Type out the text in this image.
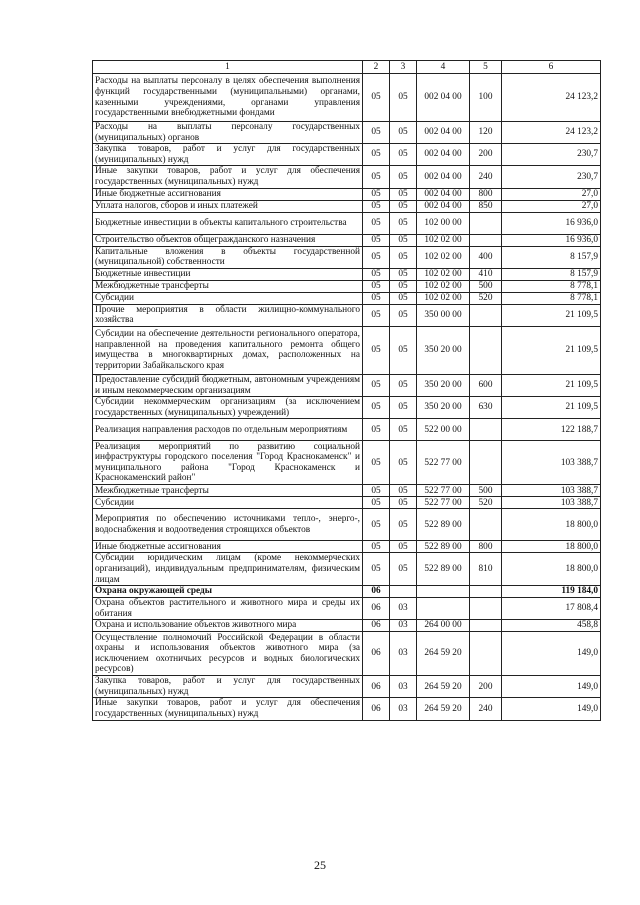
1	2	3	4	5	6
Расходы на выплаты персоналу в целях обеспечения выполнения функций государственными (муниципальными) органами, казенными учреждениями, органами управления государственными внебюджетными фондами	05	05	002 04 00	100	24 123,2
Расходы на выплаты персоналу государственных (муниципальных) органов	05	05	002 04 00	120	24 123,2
Закупка товаров, работ и услуг для государственных (муниципальных) нужд	05	05	002 04 00	200	230,7
Иные закупки товаров, работ и услуг для обеспечения государственных (муниципальных) нужд	05	05	002 04 00	240	230,7
Иные бюджетные ассигнования	05	05	002 04 00	800	27,0
Уплата налогов, сборов и иных платежей	05	05	002 04 00	850	27,0
Бюджетные инвестиции в объекты капитального строительства	05	05	102 00 00		16 936,0
Строительство объектов общегражданского назначения	05	05	102 02 00		16 936,0
Капитальные вложения в объекты государственной (муниципальной) собственности	05	05	102 02 00	400	8 157,9
Бюджетные инвестиции	05	05	102 02 00	410	8 157,9
Межбюджетные трансферты	05	05	102 02 00	500	8 778,1
Субсидии	05	05	102 02 00	520	8 778,1
Прочие мероприятия в области жилищно-коммунального хозяйства	05	05	350 00 00		21 109,5
Субсидии на обеспечение деятельности регионального оператора, направленной на проведения капитального ремонта общего имущества в многоквартирных домах, расположенных на территории Забайкальского края	05	05	350 20 00		21 109,5
Предоставление субсидий бюджетным, автономным учреждениям и иным некоммерческим организациям	05	05	350 20 00	600	21 109,5
Субсидии некоммерческим организациям (за исключением государственных (муниципальных) учреждений)	05	05	350 20 00	630	21 109,5
Реализация направления расходов по отдельным мероприятиям	05	05	522 00 00		122 188,7
Реализация мероприятий по развитию социальной инфраструктуры городского поселения "Город Краснокаменск" и муниципального района "Город Краснокаменск и Краснокаменский район"	05	05	522 77 00		103 388,7
Межбюджетные трансферты	05	05	522 77 00	500	103 388,7
Субсидии	05	05	522 77 00	520	103 388,7
Мероприятия по обеспечению источниками тепло-, энерго-, водоснабжения и водоотведения строящихся объектов	05	05	522 89 00		18 800,0
Иные бюджетные ассигнования	05	05	522 89 00	800	18 800,0
Субсидии юридическим лицам (кроме некоммерческих организаций), индивидуальным предпринимателям, физическим лицам	05	05	522 89 00	810	18 800,0
Охрана окружающей среды	06				119 184,0
Охрана объектов растительного и животного мира и среды их обитания	06	03			17 808,4
Охрана и использование объектов животного мира	06	03	264 00 00		458,8
Осуществление полномочий Российской Федерации в области охраны и использования объектов животного мира (за исключением охотничьих ресурсов и водных биологических ресурсов)	06	03	264 59 20		149,0
Закупка товаров, работ и услуг для государственных (муниципальных) нужд	06	03	264 59 20	200	149,0
Иные закупки товаров, работ и услуг для обеспечения государственных (муниципальных) нужд	06	03	264 59 20	240	149,0
25
